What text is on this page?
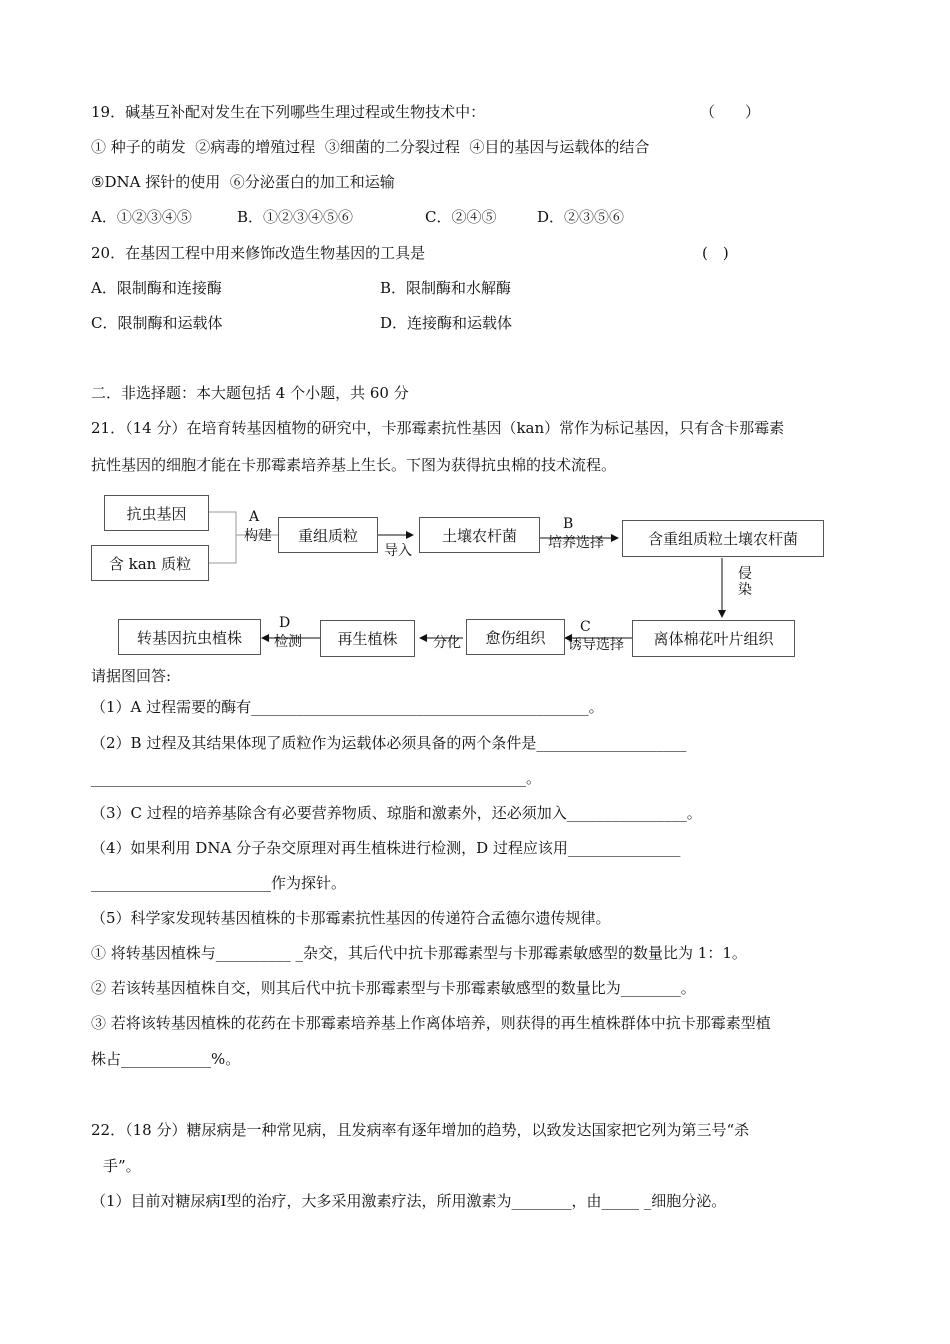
19．碱基互补配对发生在下列哪些生理过程或生物技术中：	（　　）
① 种子的萌发  ②病毒的增殖过程  ③细菌的二分裂过程  ④目的基因与运载体的结合
⑤DNA 探针的使用  ⑥分泌蛋白的加工和运输
A．①②③④⑤	B．①②③④⑤⑥	C．②④⑤	D．②③⑤⑥
20．在基因工程中用来修饰改造生物基因的工具是	(　)
A．限制酶和连接酶	B．限制酶和水解酶
C．限制酶和运载体	D．连接酶和运载体
二．非选择题：本大题包括 4 个小题，共 60 分
21．（14 分）在培育转基因植物的研究中，卡那霉素抗性基因（kan）常作为标记基因，只有含卡那霉素
抗性基因的细胞才能在卡那霉素培养基上生长。下图为获得抗虫棉的技术流程。
抗虫基因
含 kan 质粒
A
构建	重组质粒
导入
土壤农杆菌
B
培养选择	含重组质粒土壤农杆菌
侵
染
离体棉花叶片组织
C
诱导选择
愈伤组织
分化
再生植株
D
检测
转基因抗虫植株
请据图回答:
（1）A 过程需要的酶有_____________________________________________。
（2）B 过程及其结果体现了质粒作为运载体必须具备的两个条件是____________________
__________________________________________________________。
（3）C 过程的培养基除含有必要营养物质、琼脂和激素外，还必须加入________________。
（4）如果利用 DNA 分子杂交原理对再生植株进行检测，D 过程应该用_______________
________________________作为探针。
（5）科学家发现转基因植株的卡那霉素抗性基因的传递符合孟德尔遗传规律。
① 将转基因植株与__________ _杂交，其后代中抗卡那霉素型与卡那霉素敏感型的数量比为 1：1。
② 若该转基因植株自交，则其后代中抗卡那霉素型与卡那霉素敏感型的数量比为________。
③ 若将该转基因植株的花药在卡那霉素培养基上作离体培养，则获得的再生植株群体中抗卡那霉素型植
株占____________%。
22．（18 分）糖尿病是一种常见病，且发病率有逐年增加的趋势，以致发达国家把它列为第三号“杀
手”。
（1）目前对糖尿病Ⅰ型的治疗，大多采用激素疗法，所用激素为________，由_____ _细胞分泌。
